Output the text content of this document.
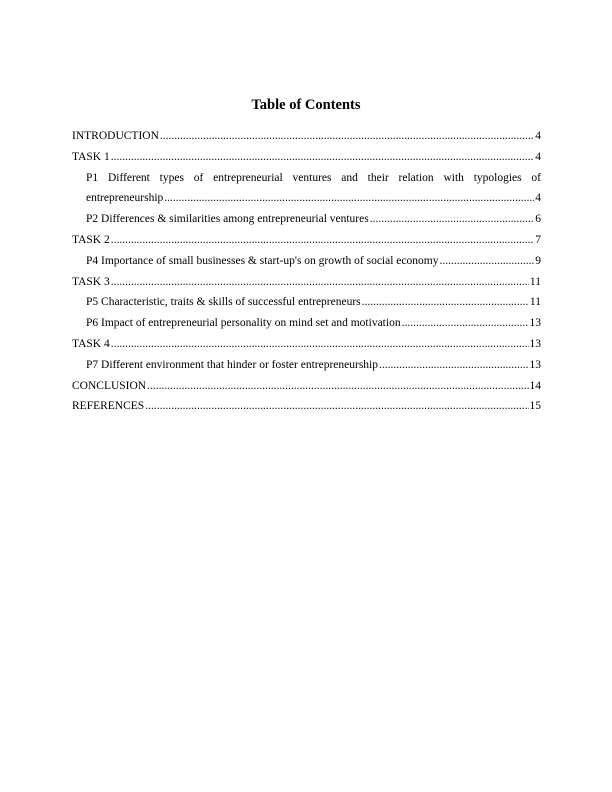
Table of Contents
INTRODUCTION .....	4
TASK 1 .....	4
P1 Different types of entrepreneurial ventures and their relation with typologies of
entrepreneurship .....	4
P2 Differences & similarities among entrepreneurial ventures .....	6
TASK 2 .....	7
P4 Importance of small businesses & start-up's on growth of social economy .....	9
TASK 3 .....	11
P5 Characteristic, traits & skills of successful entrepreneurs .....	11
P6 Impact of entrepreneurial personality on mind set and motivation .....	13
TASK 4 .....	13
P7 Different environment that hinder or foster entrepreneurship .....	13
CONCLUSION .....	14
REFERENCES .....	15
